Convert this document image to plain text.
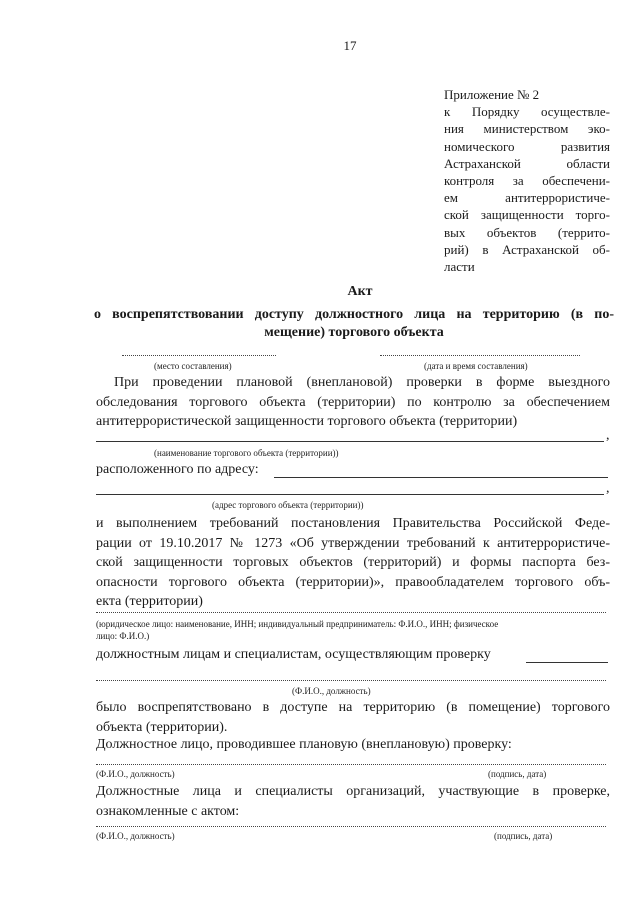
17
Приложение № 2
к Порядку осуществле-
ния министерством эко-
номического развития
Астраханской области
контроля за обеспечени-
ем антитеррористиче-
ской защищенности торго-
вых объектов (террито-
рий) в Астраханской об-
ласти
Акт
о воспрепятствовании доступу должностного лица на территорию (в по-
мещение) торгового объекта
(место составления)	(дата и время составления)
При проведении плановой (внеплановой) проверки в форме выездного
обследования торгового объекта (территории) по контролю за обеспечением
антитеррористической защищенности торгового объекта (территории)
,
(наименование торгового объекта (территории))
расположенного по адресу:
,
(адрес торгового объекта (территории))
и выполнением требований постановления Правительства Российской Феде-
рации от 19.10.2017 № 1273 «Об утверждении требований к антитеррористиче-
ской защищенности торговых объектов (территорий) и формы паспорта без-
опасности торгового объекта (территории)», правообладателем торгового объ-
екта (территории)
(юридическое лицо: наименование, ИНН; индивидуальный предприниматель: Ф.И.О., ИНН; физическое
лицо: Ф.И.О.)
должностным лицам и специалистам, осуществляющим проверку
(Ф.И.О., должность)
было воспрепятствовано в доступе на территорию (в помещение) торгового
объекта (территории).
Должностное лицо, проводившее плановую (внеплановую) проверку:
(Ф.И.О., должность)	(подпись, дата)
Должностные лица и специалисты организаций, участвующие в проверке,
ознакомленные с актом:
(Ф.И.О., должность)	(подпись, дата)
